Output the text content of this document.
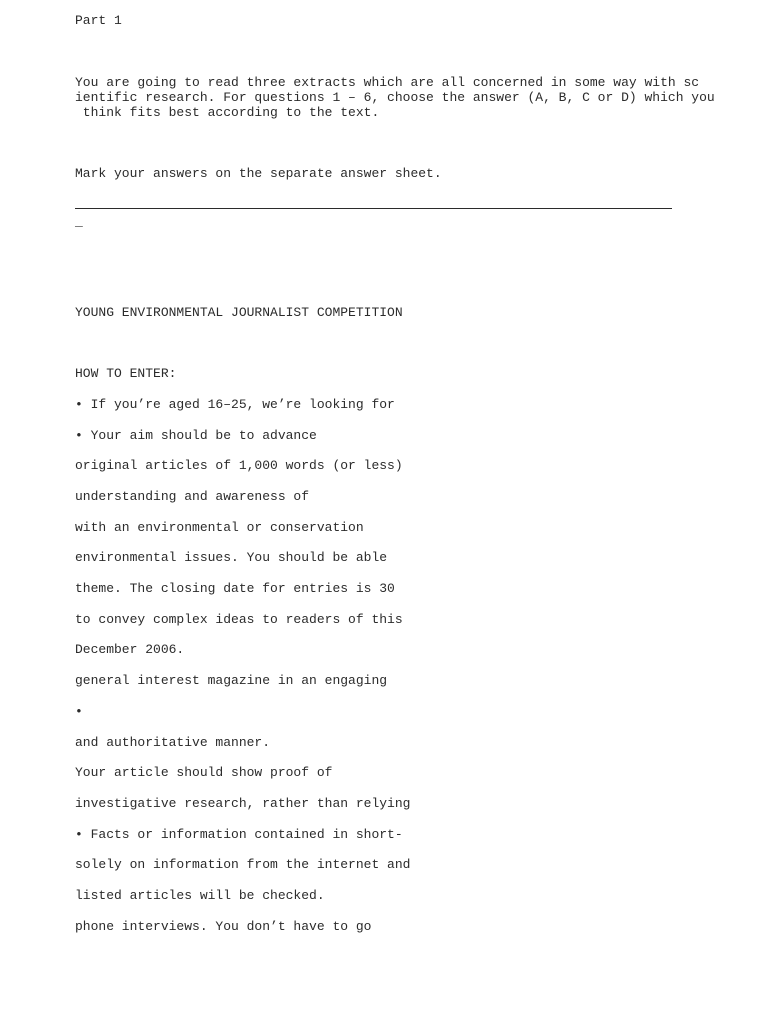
Part 1
You are going to read three extracts which are all concerned in some way with sc
ientific research. For questions 1 – 6, choose the answer (A, B, C or D) which you
think fits best according to the text.
Mark your answers on the separate answer sheet.
_
YOUNG ENVIRONMENTAL JOURNALIST COMPETITION
HOW TO ENTER:
• If you’re aged 16–25, we’re looking for
• Your aim should be to advance
original articles of 1,000 words (or less)
understanding and awareness of
with an environmental or conservation
environmental issues. You should be able
theme. The closing date for entries is 30
to convey complex ideas to readers of this
December 2006.
general interest magazine in an engaging
•
and authoritative manner.
Your article should show proof of
investigative research, rather than relying
• Facts or information contained in short-
solely on information from the internet and
listed articles will be checked.
phone interviews. You don’t have to go
